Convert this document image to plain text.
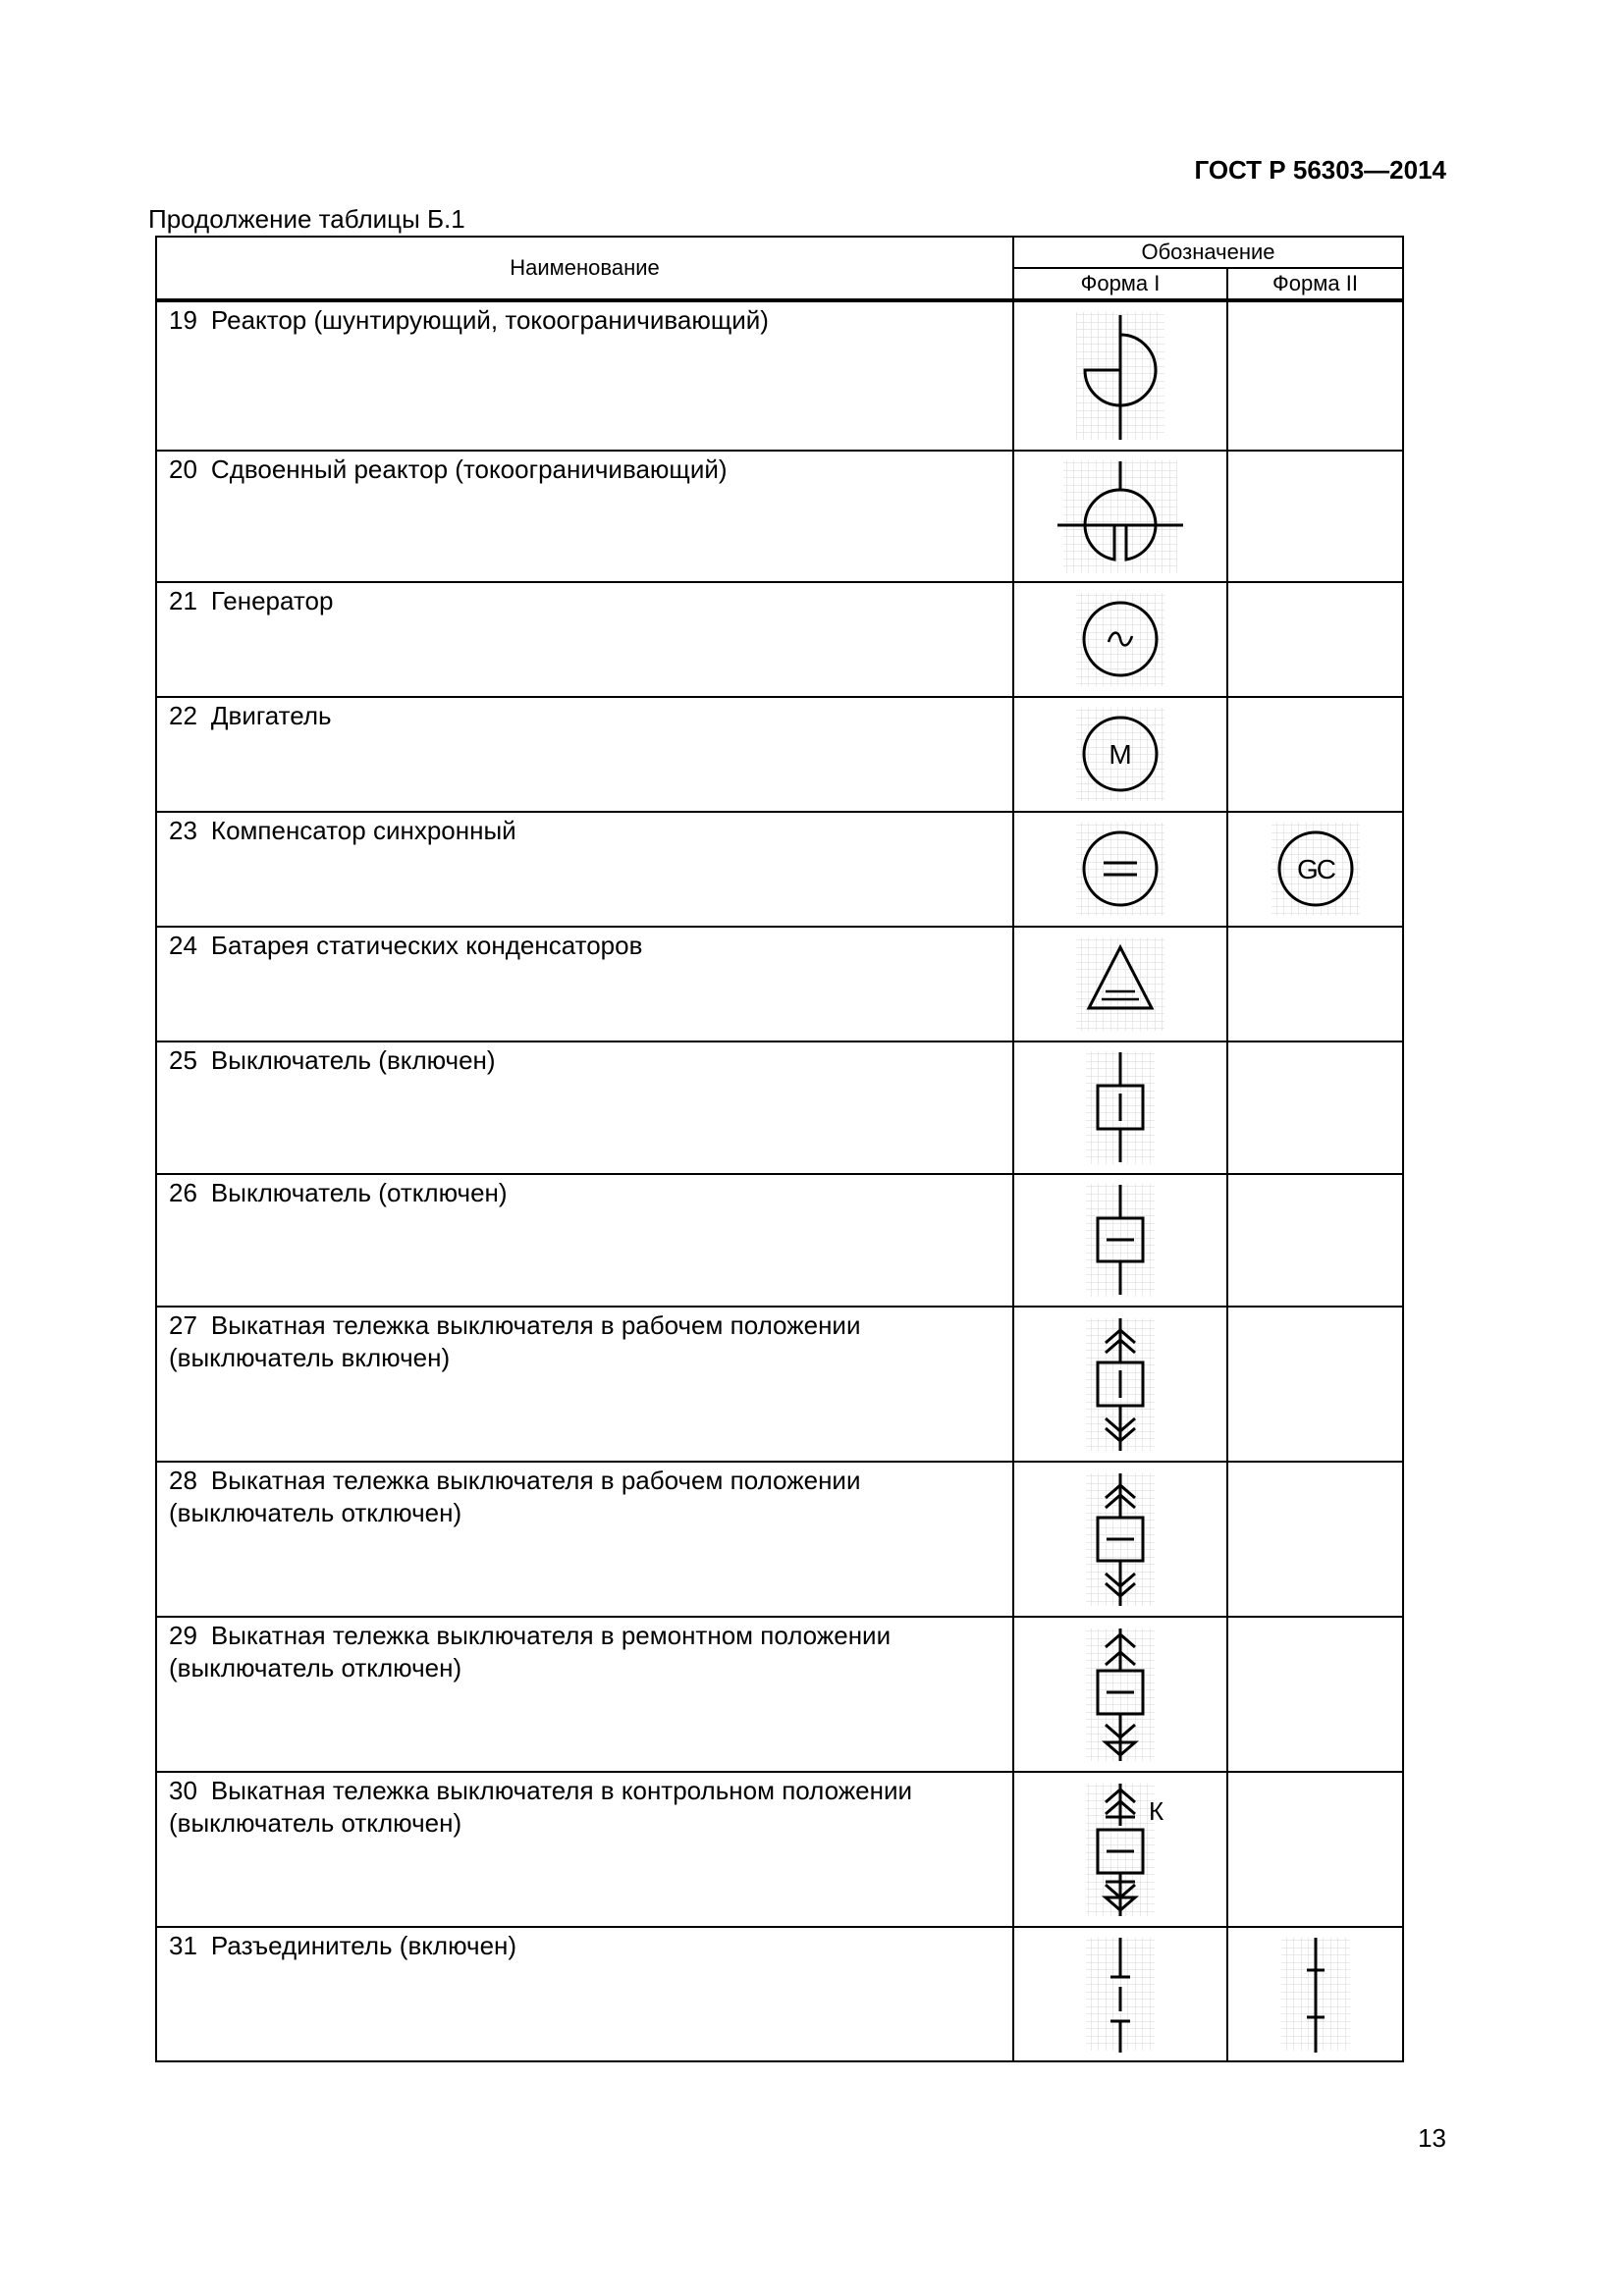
ГОСТ Р 56303—2014
Продолжение таблицы Б.1
Наименование	Обозначение	
	Форма I	Форма II

19 Реактор (шунтирующий, токоограничивающий)	

20 Сдвоенный реактор (токоограничивающий)	

21 Генератор	

22 Двигатель	М	

23 Компенсатор синхронный		GC

24 Батарея статических конденсаторов	

25 Выключатель (включен)	

26 Выключатель (отключен)	

27 Выкатная тележка выключателя в рабочем положении (выключатель включен)	

28 Выкатная тележка выключателя в рабочем положении (выключатель отключен)	

29 Выкатная тележка выключателя в ремонтном положении (выключатель отключен)	

30 Выкатная тележка выключателя в контрольном положении (выключатель отключен)	К	

31 Разъединитель (включен)	

13
